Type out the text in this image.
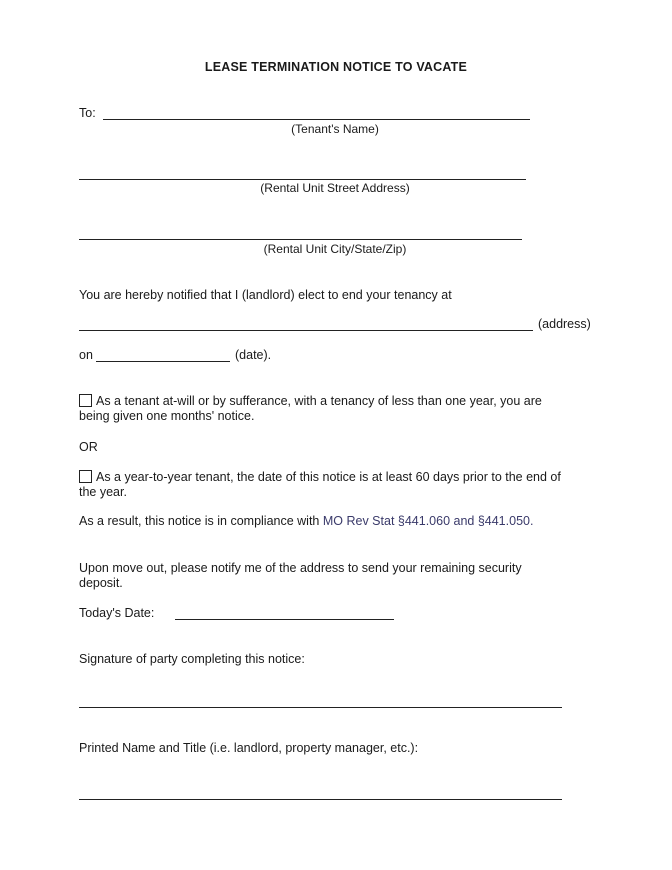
LEASE TERMINATION NOTICE TO VACATE
To:
(Tenant's Name)
(Rental Unit Street Address)
(Rental Unit City/State/Zip)
You are hereby notified that I (landlord) elect to end your tenancy at
(address)
on	(date).
As a tenant at-will or by sufferance, with a tenancy of less than one year, you are
being given one months' notice.
OR
As a year-to-year tenant, the date of this notice is at least 60 days prior to the end of
the year.
As a result, this notice is in compliance with MO Rev Stat §441.060 and §441.050.
Upon move out, please notify me of the address to send your remaining security
deposit.
Today's Date:
Signature of party completing this notice:
Printed Name and Title (i.e. landlord, property manager, etc.):
